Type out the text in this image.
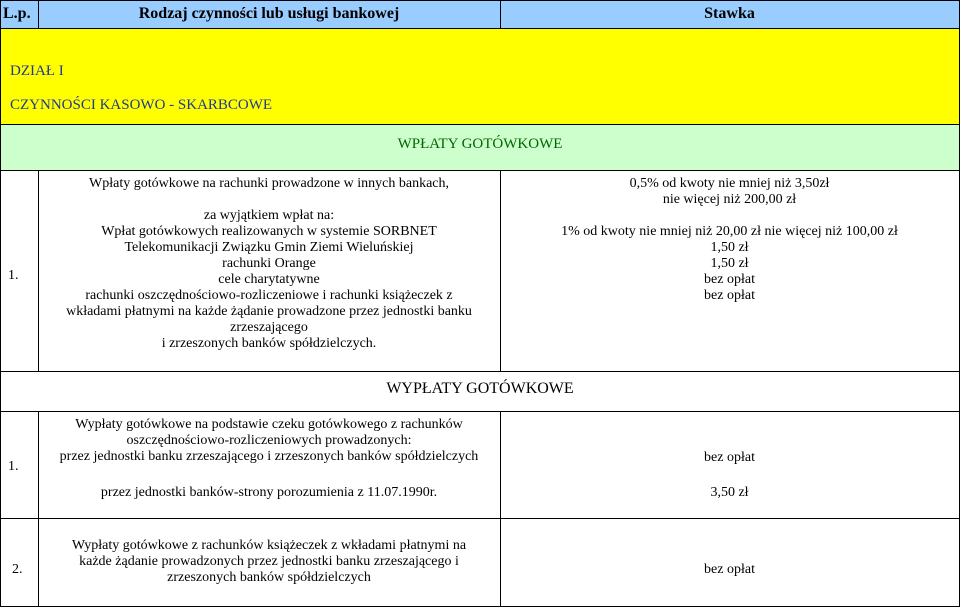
L.p.	Rodzaj czynności lub usługi bankowej	Stawka
DZIAŁ I
CZYNNOŚCI KASOWO - SKARBCOWE
WPŁATY GOTÓWKOWE
1.
Wpłaty gotówkowe na rachunki prowadzone w innych bankach,
za wyjątkiem wpłat na:
Wpłat gotówkowych realizowanych w systemie SORBNET
Telekomunikacji Związku Gmin Ziemi Wieluńskiej
rachunki Orange
cele charytatywne
rachunki oszczędnościowo-rozliczeniowe i rachunki książeczek z
wkładami płatnymi na każde żądanie prowadzone przez jednostki banku
zrzeszającego
i zrzeszonych banków spółdzielczych.
0,5% od kwoty nie mniej niż 3,50zł
nie więcej niż 200,00 zł
1% od kwoty nie mniej niż 20,00 zł nie więcej niż 100,00 zł
1,50 zł
1,50 zł
bez opłat
bez opłat
WYPŁATY GOTÓWKOWE
1.
Wypłaty gotówkowe na podstawie czeku gotówkowego z rachunków
oszczędnościowo-rozliczeniowych prowadzonych:
przez jednostki banku zrzeszającego i zrzeszonych banków spółdzielczych
przez jednostki banków-strony porozumienia z 11.07.1990r.
bez opłat
3,50 zł
2.
Wypłaty gotówkowe z rachunków książeczek z wkładami płatnymi na
każde żądanie prowadzonych przez jednostki banku zrzeszającego i
zrzeszonych banków spółdzielczych
bez opłat
